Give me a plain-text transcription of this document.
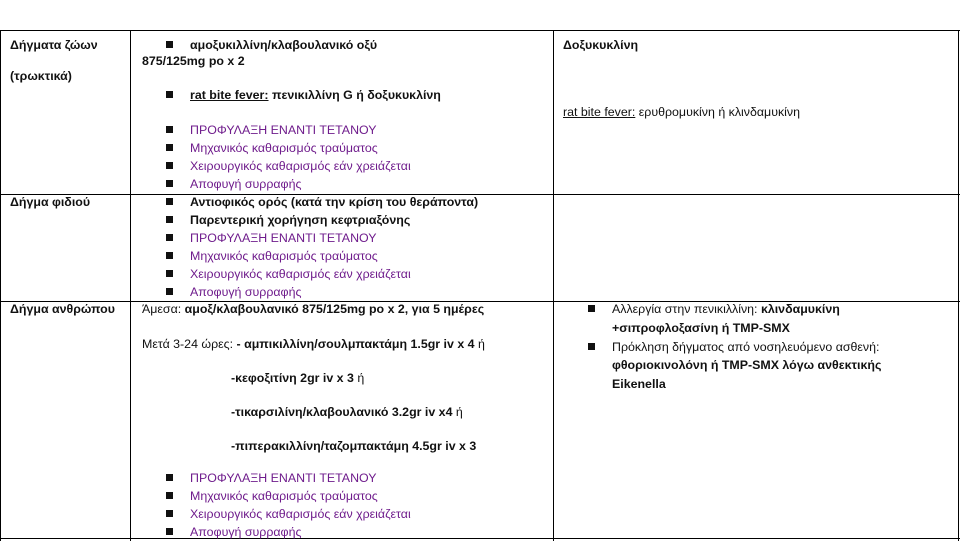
Δήγματα ζώων
(τρωκτικά)
Δήγμα φιδιού
Δήγμα ανθρώπου
αμοξυκιλλίνη/κλαβουλανικό οξύ
875/125mg po x 2
rat bite fever: πενικιλλίνη G ή δοξυκυκλίνη
ΠΡΟΦΥΛΑΞΗ ΕΝΑΝΤΙ ΤΕΤΑΝΟΥ
Μηχανικός καθαρισμός τραύματος
Χειρουργικός καθαρισμός εάν χρειάζεται
Αποφυγή συρραφής
Αντιοφικός ορός (κατά την κρίση του θεράποντα)
Παρεντερική χορήγηση κεφτριαξόνης
ΠΡΟΦΥΛΑΞΗ ΕΝΑΝΤΙ ΤΕΤΑΝΟΥ
Μηχανικός καθαρισμός τραύματος
Χειρουργικός καθαρισμός εάν χρειάζεται
Αποφυγή συρραφής
Άμεσα: αμοξ/κλαβουλανικό 875/125mg po x 2, για 5 ημέρες
Μετά 3-24 ώρες: - αμπικιλλίνη/σουλμπακτάμη 1.5gr iv x 4 ή
-κεφοξιτίνη 2gr iv x 3 ή
-τικαρσιλίνη/κλαβουλανικό 3.2gr iv x4 ή
-πιπερακιλλίνη/ταζομπακτάμη 4.5gr iv x 3
ΠΡΟΦΥΛΑΞΗ ΕΝΑΝΤΙ ΤΕΤΑΝΟΥ
Μηχανικός καθαρισμός τραύματος
Χειρουργικός καθαρισμός εάν χρειάζεται
Αποφυγή συρραφής
Δοξυκυκλίνη
rat bite fever: ερυθρομυκίνη ή κλινδαμυκίνη
Αλλεργία στην πενικιλλίνη: κλινδαμυκίνη
+σιπροφλοξασίνη ή TMP-SMX
Πρόκληση δήγματος από νοσηλευόμενο ασθενή:
φθοριοκινολόνη ή TMP-SMX λόγω ανθεκτικής
Eikenella
